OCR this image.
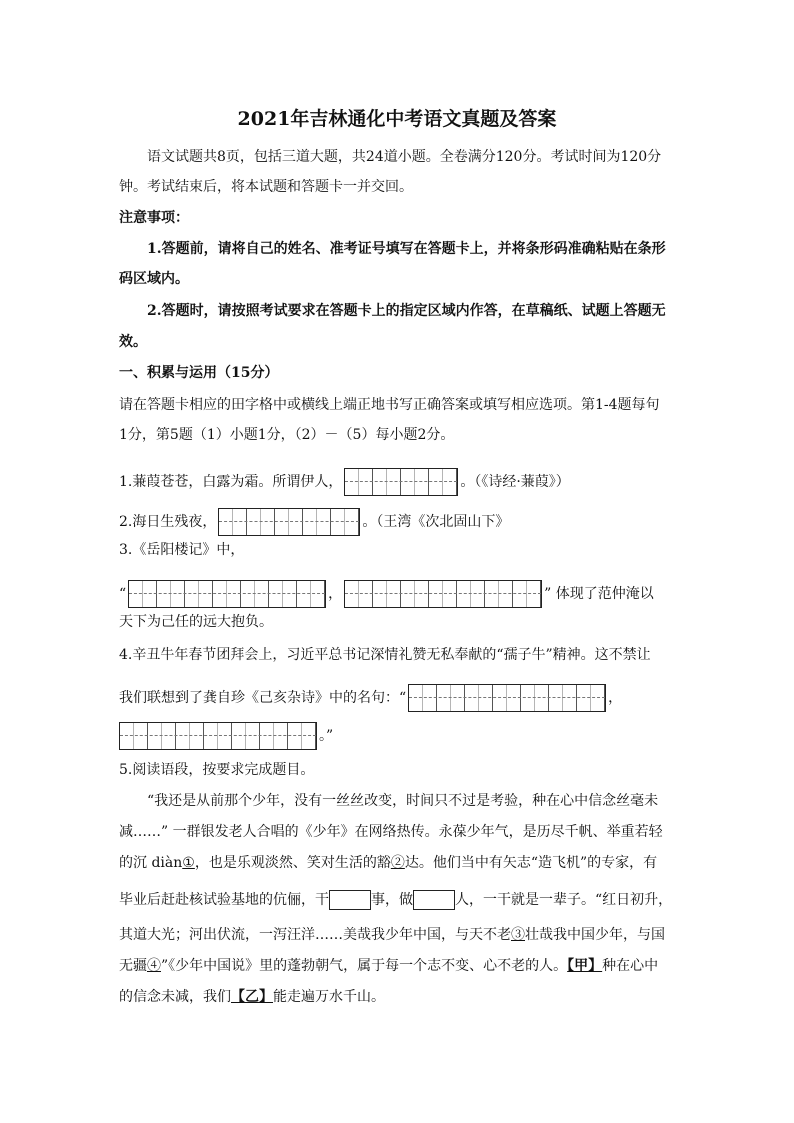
2021年吉林通化中考语文真题及答案
语文试题共8页，包括三道大题，共24道小题。全卷满分120分。考试时间为120分
钟。考试结束后，将本试题和答题卡一并交回。
注意事项：
1.答题前，请将自己的姓名、准考证号填写在答题卡上，并将条形码准确粘贴在条形
码区域内。
2.答题时，请按照考试要求在答题卡上的指定区域内作答，在草稿纸、试题上答题无
效。
一、积累与运用（15分）
请在答题卡相应的田字格中或横线上端正地书写正确答案或填写相应选项。第1-4题每句
1分，第5题（1）小题1分，（2）－（5）每小题2分。
1.蒹葭苍苍，白露为霜。所谓伊人，	。（《诗经·蒹葭》）
2.海日生残夜，	。（王湾《次北固山下》
3.《岳阳楼记》中，
“	，	” 体现了范仲淹以
天下为己任的远大抱负。
4.辛丑牛年春节团拜会上，习近平总书记深情礼赞无私奉献的“孺子牛”精神。这不禁让
我们联想到了龚自珍《己亥杂诗》中的名句：“	，
。”
5.阅读语段，按要求完成题目。
“我还是从前那个少年，没有一丝丝改变，时间只不过是考验，种在心中信念丝毫未
减……” 一群银发老人合唱的《少年》在网络热传。永葆少年气，是历尽千帆、举重若轻
的沉 diàn①，也是乐观淡然、笑对生活的豁②达。他们当中有矢志“造飞机”的专家，有
毕业后赶赴核试验基地的伉俪，干	事，做	人，一干就是一辈子。“红日初升，
其道大光；河出伏流，一泻汪洋……美哉我少年中国，与天不老③壮哉我中国少年，与国
无疆④”《少年中国说》里的蓬勃朝气，属于每一个志不变、心不老的人。【甲】种在心中
的信念未减，我们【乙】能走遍万水千山。
